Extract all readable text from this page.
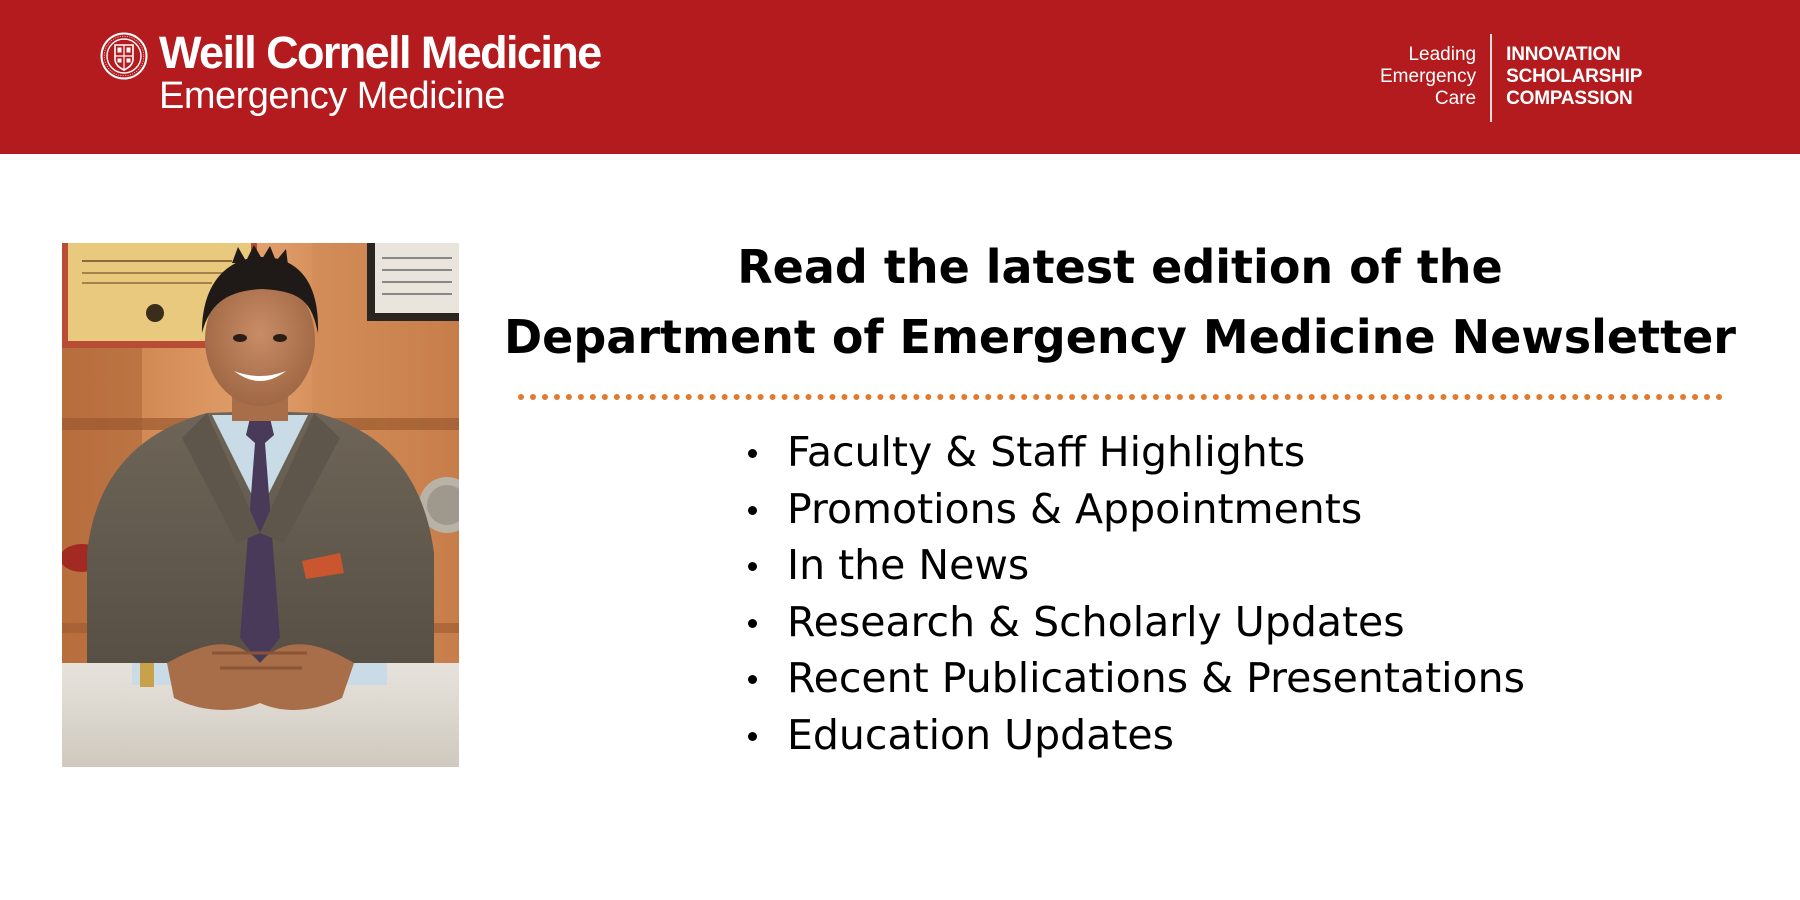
Weill Cornell Medicine
Emergency Medicine
Leading
Emergency
Care
INNOVATION
SCHOLARSHIP
COMPASSION
Read the latest edition of the
Department of Emergency Medicine Newsletter
Faculty & Staff Highlights
Promotions & Appointments
In the News
Research & Scholarly Updates
Recent Publications & Presentations
Education Updates
